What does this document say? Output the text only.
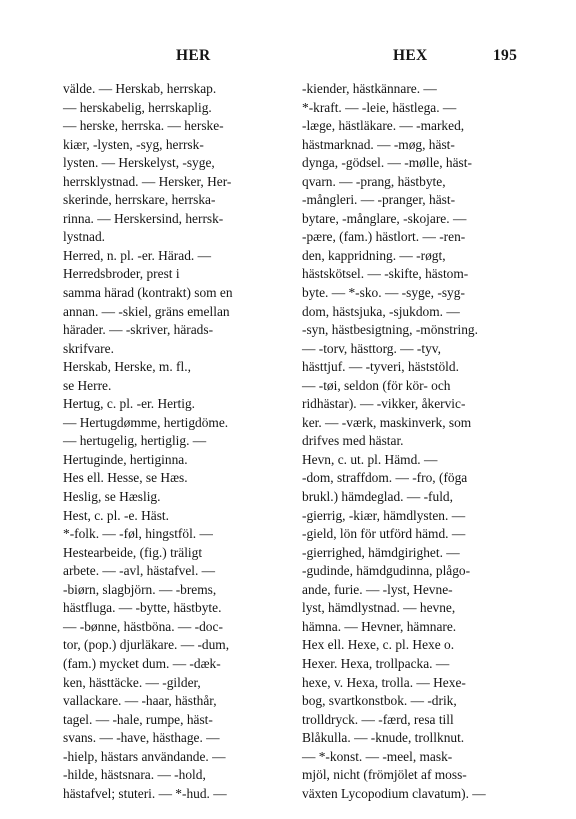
HER	HEX	195
välde. — Herskab, herrskap.
— herskabelig, herrskaplig.
— herske, herrska. — herske-
kiær, -lysten, -syg, herrsk-
lysten. — Herskelyst, -syge,
herrsklystnad. — Hersker, Her-
skerinde, herrskare, herrska-
rinna. — Herskersind, herrsk-
lystnad.
Herred, n. pl. -er. Härad. —
Herredsbroder, prest i
samma härad (kontrakt) som en
annan. — -skiel, gräns emellan
härader. — -skriver, härads-
skrifvare.
Herskab, Herske, m. fl.,
se Herre.
Hertug, c. pl. -er. Hertig.
— Hertugdømme, hertigdöme.
— hertugelig, hertiglig. —
Hertuginde, hertiginna.
Hes ell. Hesse, se Hæs.
Heslig, se Hæslig.
Hest, c. pl. -e. Häst.
*-folk. — -føl, hingstföl. —
Hestearbeide, (fig.) träligt
arbete. — -avl, hästafvel. —
-biørn, slagbjörn. — -brems,
hästfluga. — -bytte, hästbyte.
— -bønne, hästböna. — -doc-
tor, (pop.) djurläkare. — -dum,
(fam.) mycket dum. — -dæk-
ken, hästtäcke. — -gilder,
vallackare. — -haar, hästhår,
tagel. — -hale, rumpe, häst-
svans. — -have, hästhage. —
-hielp, hästars användande. —
-hilde, hästsnara. — -hold,
hästafvel; stuteri. — *-hud. —
-kiender, hästkännare. —
*-kraft. — -leie, hästlega. —
-læge, hästläkare. — -marked,
hästmarknad. — -møg, häst-
dynga, -gödsel. — -mølle, häst-
qvarn. — -prang, hästbyte,
-mångleri. — -pranger, häst-
bytare, -månglare, -skojare. —
-pære, (fam.) hästlort. — -ren-
den, kappridning. — -røgt,
hästskötsel. — -skifte, hästom-
byte. — *-sko. — -syge, -syg-
dom, hästsjuka, -sjukdom. —
-syn, hästbesigtning, -mönstring.
— -torv, hästtorg. — -tyv,
hästtjuf. — -tyveri, häststöld.
— -tøi, seldon (för kör- och
ridhästar). — -vikker, åkervic-
ker. — -værk, maskinverk, som
drifves med hästar.
Hevn, c. ut. pl. Hämd. —
-dom, straffdom. — -fro, (föga
brukl.) hämdeglad. — -fuld,
-gierrig, -kiær, hämdlysten. —
-gield, lön för utförd hämd. —
-gierrighed, hämdgirighet. —
-gudinde, hämdgudinna, plågo-
ande, furie. — -lyst, Hevne-
lyst, hämdlystnad. — hevne,
hämna. — Hevner, hämnare.
Hex ell. Hexe, c. pl. Hexe o.
Hexer. Hexa, trollpacka. —
hexe, v. Hexa, trolla. — Hexe-
bog, svartkonstbok. — -drik,
trolldryck. — -færd, resa till
Blåkulla. — -knude, trollknut.
— *-konst. — -meel, mask-
mjöl, nicht (frömjölet af moss-
växten Lycopodium clavatum). —
